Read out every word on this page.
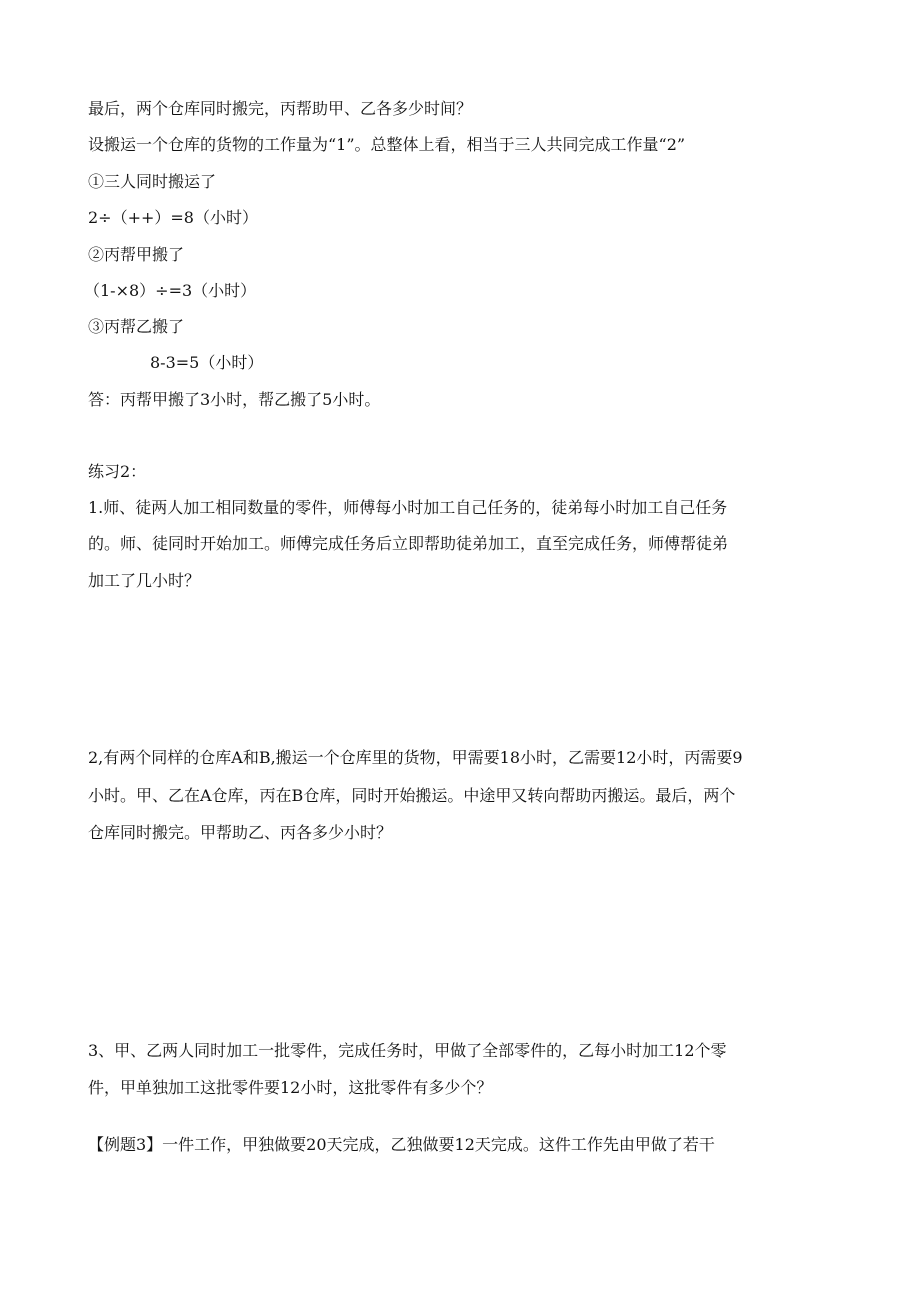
最后，两个仓库同时搬完，丙帮助甲、乙各多少时间？
设搬运一个仓库的货物的工作量为“1”。总整体上看，相当于三人共同完成工作量“2”
①三人同时搬运了
2÷（++）=8（小时）
②丙帮甲搬了
（1-×8）÷=3（小时）
③丙帮乙搬了
8-3=5（小时）
答：丙帮甲搬了3小时，帮乙搬了5小时。
练习2：
1.师、徒两人加工相同数量的零件，师傅每小时加工自己任务的，徒弟每小时加工自己任务
的。师、徒同时开始加工。师傅完成任务后立即帮助徒弟加工，直至完成任务，师傅帮徒弟
加工了几小时？
2,有两个同样的仓库A和B,搬运一个仓库里的货物，甲需要18小时，乙需要12小时，丙需要9
小时。甲、乙在A仓库，丙在B仓库，同时开始搬运。中途甲又转向帮助丙搬运。最后，两个
仓库同时搬完。甲帮助乙、丙各多少小时？
3、甲、乙两人同时加工一批零件，完成任务时，甲做了全部零件的，乙每小时加工12个零
件，甲单独加工这批零件要12小时，这批零件有多少个？
【例题3】一件工作，甲独做要20天完成，乙独做要12天完成。这件工作先由甲做了若干
